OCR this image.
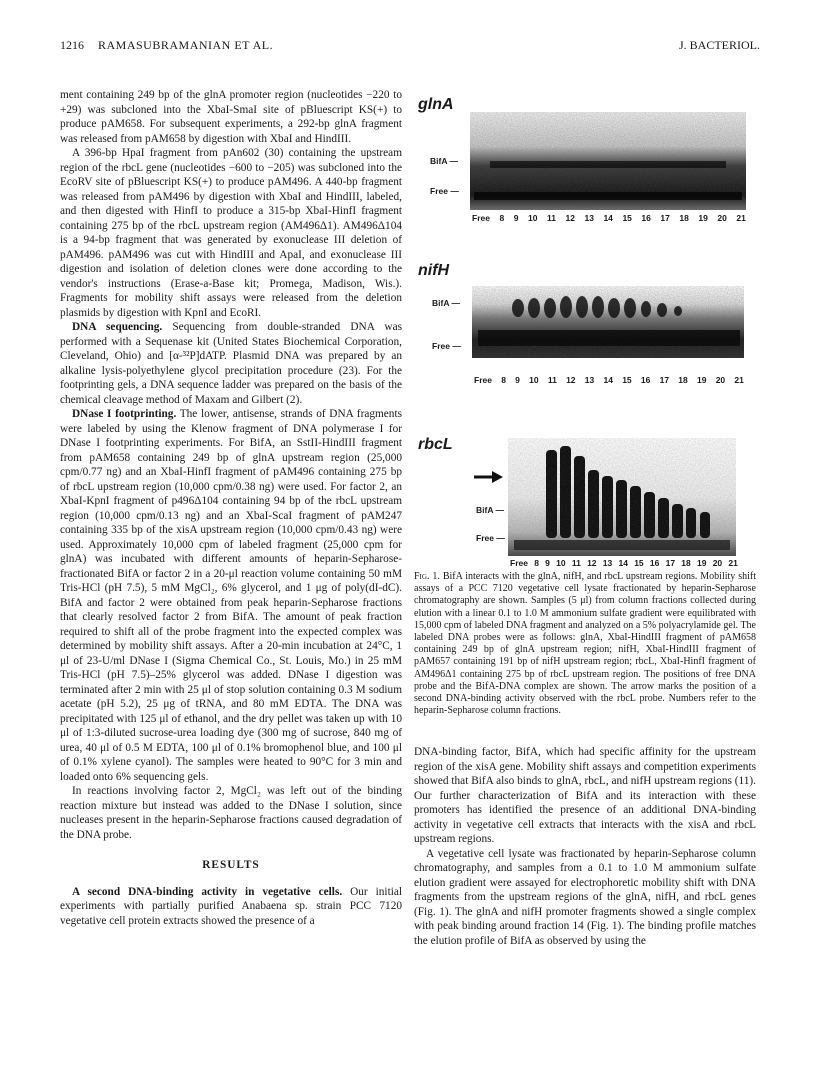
1216 RAMASUBRAMANIAN ET AL.	J. BACTERIOL.

ment containing 249 bp of the glnA promoter region (nucleotides −220 to +29) was subcloned into the XbaI-SmaI site of pBluescript KS(+) to produce pAM658. For subsequent experiments, a 292-bp glnA fragment was released from pAM658 by digestion with XbaI and HindIII.

A 396-bp HpaI fragment from pAn602 (30) containing the upstream region of the rbcL gene (nucleotides −600 to −205) was subcloned into the EcoRV site of pBluescript KS(+) to produce pAM496. A 440-bp fragment was released from pAM496 by digestion with XbaI and HindIII, labeled, and then digested with HinfI to produce a 315-bp XbaI-HinfI fragment containing 275 bp of the rbcL upstream region (AM496Δ1). AM496Δ104 is a 94-bp fragment that was generated by exonuclease III deletion of pAM496. pAM496 was cut with HindIII and ApaI, and exonuclease III digestion and isolation of deletion clones were done according to the vendor's instructions (Erase-a-Base kit; Promega, Madison, Wis.). Fragments for mobility shift assays were released from the deletion plasmids by digestion with KpnI and EcoRI.

DNA sequencing. Sequencing from double-stranded DNA was performed with a Sequenase kit (United States Biochemical Corporation, Cleveland, Ohio) and [α-³²P]dATP. Plasmid DNA was prepared by an alkaline lysis-polyethylene glycol precipitation procedure (23). For the footprinting gels, a DNA sequence ladder was prepared on the basis of the chemical cleavage method of Maxam and Gilbert (2).

DNase I footprinting. The lower, antisense, strands of DNA fragments were labeled by using the Klenow fragment of DNA polymerase I for DNase I footprinting experiments. For BifA, an SstII-HindIII fragment from pAM658 containing 249 bp of glnA upstream region (25,000 cpm/0.77 ng) and an XbaI-HinfI fragment of pAM496 containing 275 bp of rbcL upstream region (10,000 cpm/0.38 ng) were used. For factor 2, an XbaI-KpnI fragment of p496Δ104 containing 94 bp of the rbcL upstream region (10,000 cpm/0.13 ng) and an XbaI-ScaI fragment of pAM247 containing 335 bp of the xisA upstream region (10,000 cpm/0.43 ng) were used. Approximately 10,000 cpm of labeled fragment (25,000 cpm for glnA) was incubated with different amounts of heparin-Sepharose-fractionated BifA or factor 2 in a 20-μl reaction volume containing 50 mM Tris-HCl (pH 7.5), 5 mM MgCl₂, 6% glycerol, and 1 μg of poly(dI-dC). BifA and factor 2 were obtained from peak heparin-Sepharose fractions that clearly resolved factor 2 from BifA. The amount of peak fraction required to shift all of the probe fragment into the expected complex was determined by mobility shift assays. After a 20-min incubation at 24°C, 1 μl of 23-U/ml DNase I (Sigma Chemical Co., St. Louis, Mo.) in 25 mM Tris-HCl (pH 7.5)–25% glycerol was added. DNase I digestion was terminated after 2 min with 25 μl of stop solution containing 0.3 M sodium acetate (pH 5.2), 25 μg of tRNA, and 80 mM EDTA. The DNA was precipitated with 125 μl of ethanol, and the dry pellet was taken up with 10 μl of 1:3-diluted sucrose-urea loading dye (300 mg of sucrose, 840 mg of urea, 40 μl of 0.5 M EDTA, 100 μl of 0.1% bromophenol blue, and 100 μl of 0.1% xylene cyanol). The samples were heated to 90°C for 3 min and loaded onto 6% sequencing gels.

In reactions involving factor 2, MgCl₂ was left out of the binding reaction mixture but instead was added to the DNase I solution, since nucleases present in the heparin-Sepharose fractions caused degradation of the DNA probe.

RESULTS

A second DNA-binding activity in vegetative cells. Our initial experiments with partially purified Anabaena sp. strain PCC 7120 vegetative cell protein extracts showed the presence of a

glnA
BifA —
Free —
Free 8 9 10 11 12 13 14 15 16 17 18 19 20 21
nifH
BifA —
Free —
Free 8 9 10 11 12 13 14 15 16 17 18 19 20 21
rbcL
BifA —
Free —
Free 8 9 10 11 12 13 14 15 16 17 18 19 20 21
Fig. 1. BifA interacts with the glnA, nifH, and rbcL upstream regions. Mobility shift assays of a PCC 7120 vegetative cell lysate fractionated by heparin-Sepharose chromatography are shown. Samples (5 μl) from column fractions collected during elution with a linear 0.1 to 1.0 M ammonium sulfate gradient were equilibrated with 15,000 cpm of labeled DNA fragment and analyzed on a 5% polyacrylamide gel. The labeled DNA probes were as follows: glnA, XbaI-HindIII fragment of pAM658 containing 249 bp of glnA upstream region; nifH, XbaI-HindIII fragment of pAM657 containing 191 bp of nifH upstream region; rbcL, XbaI-HinfI fragment of AM496Δ1 containing 275 bp of rbcL upstream region. The positions of free DNA probe and the BifA-DNA complex are shown. The arrow marks the position of a second DNA-binding activity observed with the rbcL probe. Numbers refer to the heparin-Sepharose column fractions.

DNA-binding factor, BifA, which had specific affinity for the upstream region of the xisA gene. Mobility shift assays and competition experiments showed that BifA also binds to glnA, rbcL, and nifH upstream regions (11). Our further characterization of BifA and its interaction with these promoters has identified the presence of an additional DNA-binding activity in vegetative cell extracts that interacts with the xisA and rbcL upstream regions.

A vegetative cell lysate was fractionated by heparin-Sepharose column chromatography, and samples from a 0.1 to 1.0 M ammonium sulfate elution gradient were assayed for electrophoretic mobility shift with DNA fragments from the upstream regions of the glnA, nifH, and rbcL genes (Fig. 1). The glnA and nifH promoter fragments showed a single complex with peak binding around fraction 14 (Fig. 1). The binding profile matches the elution profile of BifA as observed by using the
